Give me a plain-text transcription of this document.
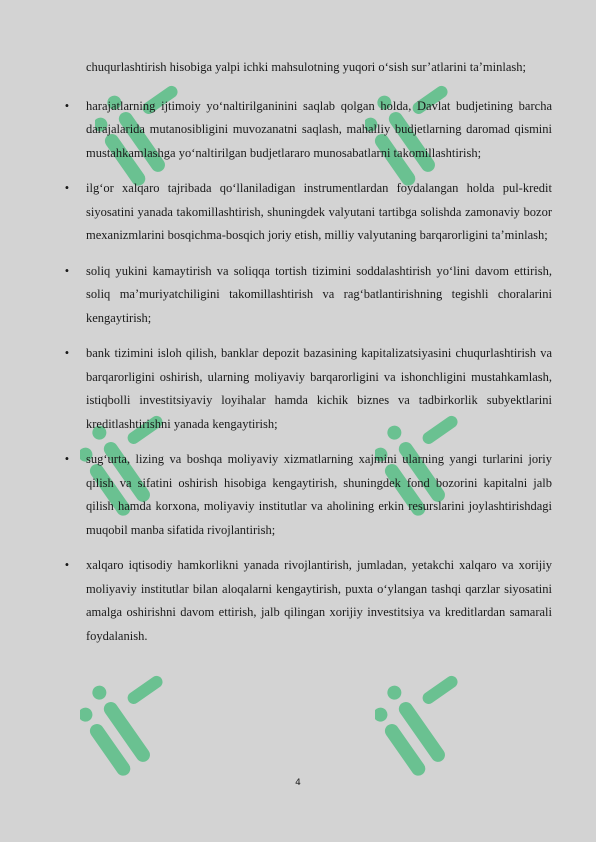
chuqurlashtirish hisobiga yalpi ichki mahsulotning yuqori o‘sish sur’atlarini ta’minlash;

• harajatlarning ijtimoiy yo‘naltirilganinini saqlab qolgan holda, Davlat budjetining barcha darajalarida mutanosibligini muvozanatni saqlash, mahalliy budjetlarning daromad qismini mustahkamlashga yo‘naltirilgan budjetlararo munosabatlarni takomillashtirish;

• ilg‘or xalqaro tajribada qo‘llaniladigan instrumentlardan foydalangan holda pul-kredit siyosatini yanada takomillashtirish, shuningdek valyutani tartibga solishda zamonaviy bozor mexanizmlarini bosqichma-bosqich joriy etish, milliy valyutaning barqarorligini ta’minlash;

• soliq yukini kamaytirish va soliqqa tortish tizimini soddalashtirish yo‘lini davom ettirish, soliq ma’muriyatchiligini takomillashtirish va rag‘batlantirishning tegishli choralarini kengaytirish;

• bank tizimini isloh qilish, banklar depozit bazasining kapitalizatsiyasini chuqurlashtirish va barqarorligini oshirish, ularning moliyaviy barqarorligini va ishonchligini mustahkamlash, istiqbolli investitsiyaviy loyihalar hamda kichik biznes va tadbirkorlik subyektlarini kreditlashtirishni yanada kengaytirish;

• sug‘urta, lizing va boshqa moliyaviy xizmatlarning xajmini ularning yangi turlarini joriy qilish va sifatini oshirish hisobiga kengaytirish, shuningdek fond bozorini kapitalni jalb qilish hamda korxona, moliyaviy institutlar va aholining erkin resurslarini joylashtirishdagi muqobil manba sifatida rivojlantirish;

• xalqaro iqtisodiy hamkorlikni yanada rivojlantirish, jumladan, yetakchi xalqaro va xorijiy moliyaviy institutlar bilan aloqalarni kengaytirish, puxta o‘ylangan tashqi qarzlar siyosatini amalga oshirishni davom ettirish, jalb qilingan xorijiy investitsiya va kreditlardan samarali foydalanish.

4
